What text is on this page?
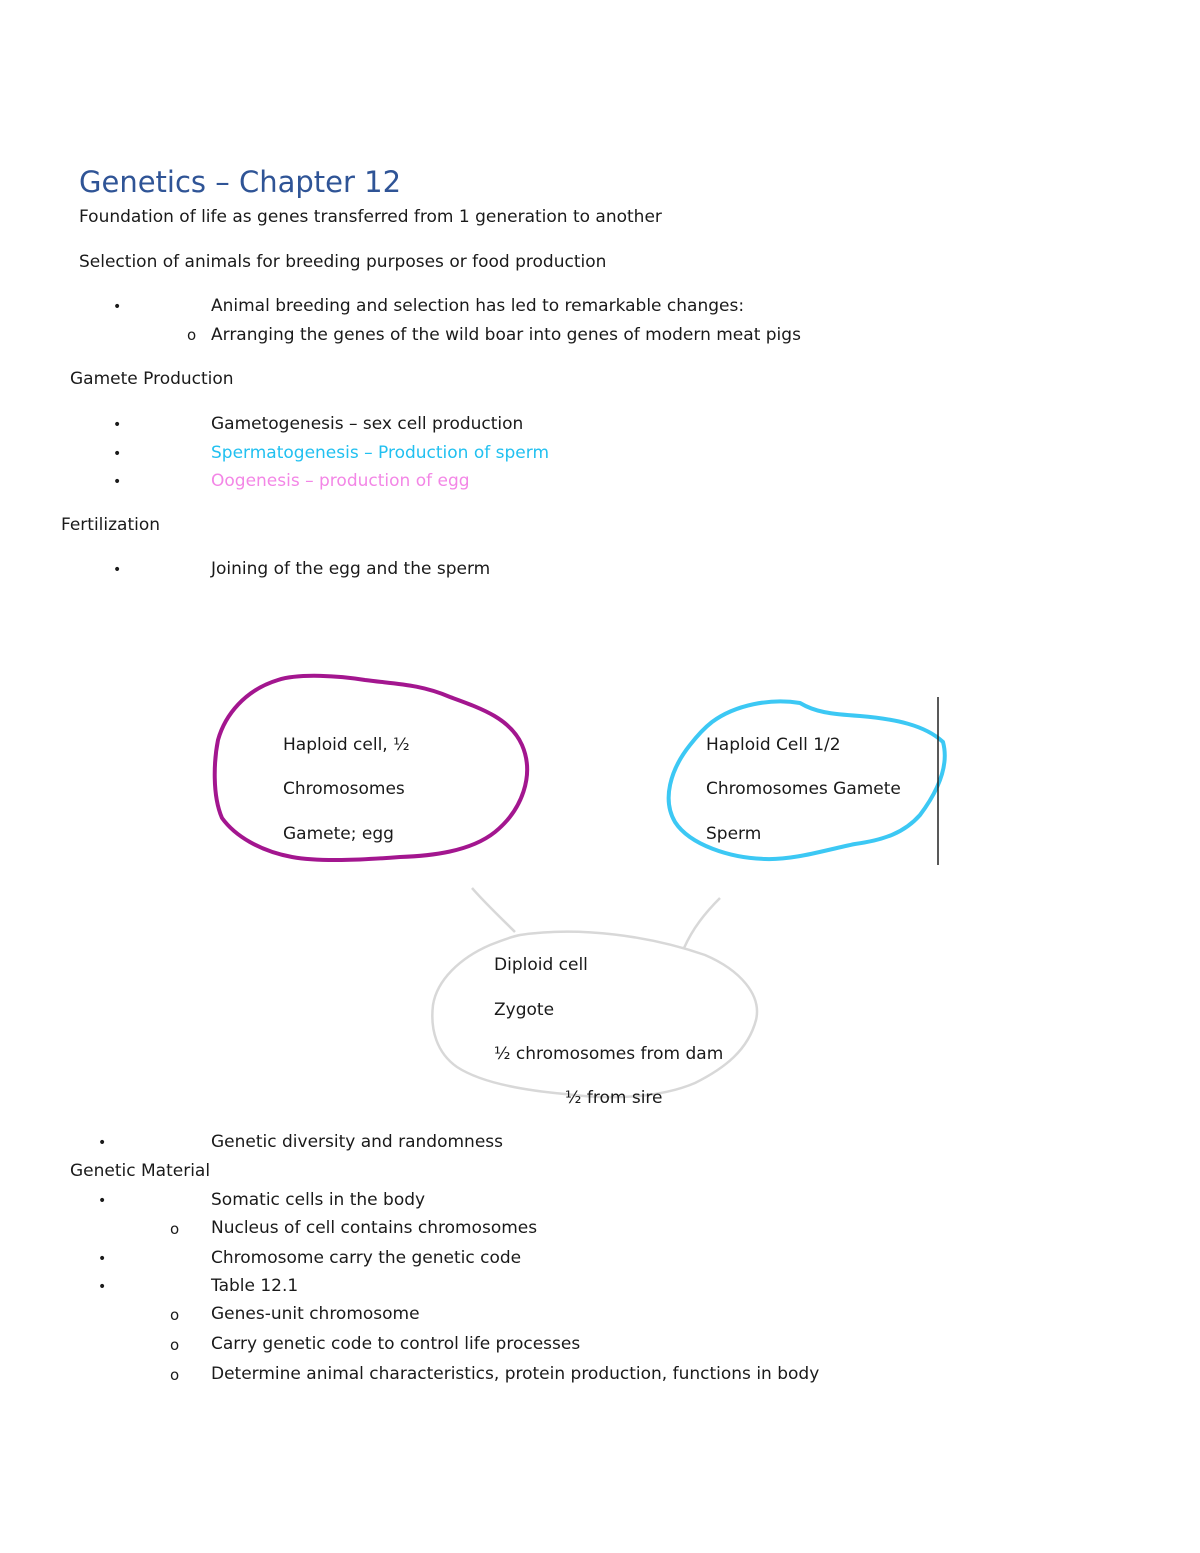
Genetics – Chapter 12
Foundation of life as genes transferred from 1 generation to another
Selection of animals for breeding purposes or food production
•	Animal breeding and selection has led to remarkable changes:
o Arranging the genes of the wild boar into genes of modern meat pigs
Gamete Production
•	Gametogenesis – sex cell production
•	Spermatogenesis – Production of sperm
•	Oogenesis – production of egg
Fertilization
•	Joining of the egg and the sperm
Haploid cell, ½
Chromosomes
Gamete; egg
Haploid Cell 1/2
Chromosomes Gamete
Sperm
Diploid cell
Zygote
½ chromosomes from dam
½ from sire
•	Genetic diversity and randomness
Genetic Material
•	Somatic cells in the body
o Nucleus of cell contains chromosomes
•	Chromosome carry the genetic code
•	Table 12.1
o Genes-unit chromosome
o Carry genetic code to control life processes
o Determine animal characteristics, protein production, functions in body
